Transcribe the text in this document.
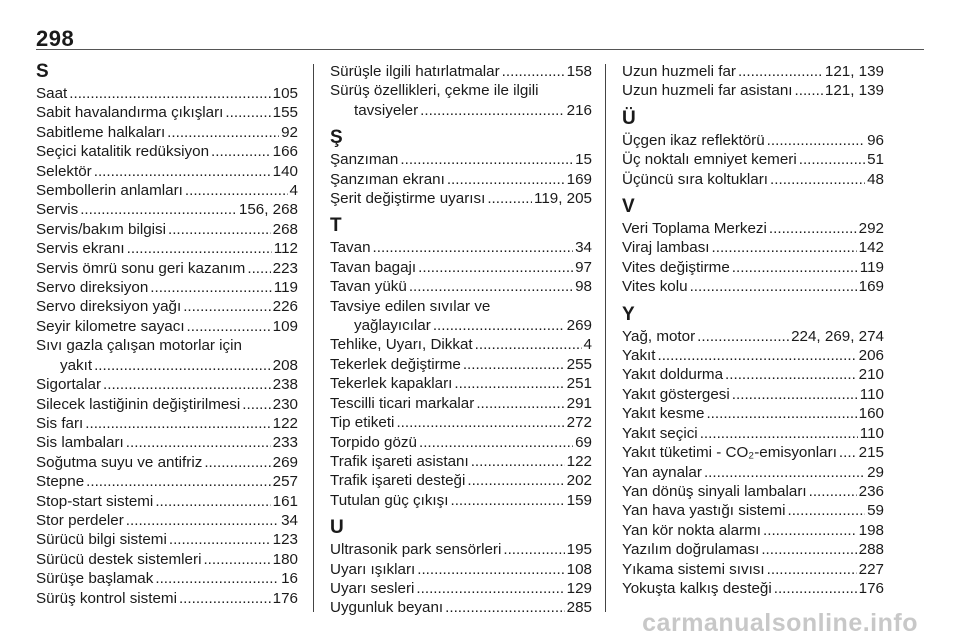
298
S
Saat .....	105
Sabit havalandırma çıkışları .....	155
Sabitleme halkaları .....	92
Seçici katalitik redüksiyon .....	166
Selektör .....	140
Sembollerin anlamları .....	4
Servis .....	156, 268
Servis/bakım bilgisi .....	268
Servis ekranı .....	112
Servis ömrü sonu geri kazanım ..... 223
Servo direksiyon .....	119
Servo direksiyon yağı .....	226
Seyir kilometre sayacı .....	109
Sıvı gazla çalışan motorlar için
yakıt .....	208
Sigortalar .....	238
Silecek lastiğinin değiştirilmesi ..... 230
Sis farı .....	122
Sis lambaları .....	233
Soğutma suyu ve antifriz .....	269
Stepne .....	257
Stop-start sistemi .....	161
Stor perdeler .....	34
Sürücü bilgi sistemi .....	123
Sürücü destek sistemleri .....	180
Sürüşe başlamak .....	16
Sürüş kontrol sistemi .....	176
Sürüşle ilgili hatırlatmalar .....	158
Sürüş özellikleri, çekme ile ilgili
tavsiyeler .....	216
Ş
Şanzıman .....	15
Şanzıman ekranı .....	169
Şerit değiştirme uyarısı .....	119, 205
T
Tavan .....	34
Tavan bagajı .....	97
Tavan yükü .....	98
Tavsiye edilen sıvılar ve
yağlayıcılar .....	269
Tehlike, Uyarı, Dikkat .....	4
Tekerlek değiştirme .....	255
Tekerlek kapakları .....	251
Tescilli ticari markalar .....	291
Tip etiketi .....	272
Torpido gözü .....	69
Trafik işareti asistanı .....	122
Trafik işareti desteği .....	202
Tutulan güç çıkışı .....	159
U
Ultrasonik park sensörleri .....	195
Uyarı ışıkları .....	108
Uyarı sesleri .....	129
Uygunluk beyanı .....	285
Uzun huzmeli far .....	121, 139
Uzun huzmeli far asistanı ..... 121, 139
Ü
Üçgen ikaz reflektörü .....	96
Üç noktalı emniyet kemeri .....	51
Üçüncü sıra koltukları .....	48
V
Veri Toplama Merkezi .....	292
Viraj lambası .....	142
Vites değiştirme .....	119
Vites kolu .....	169
Y
Yağ, motor .....	224, 269, 274
Yakıt .....	206
Yakıt doldurma .....	210
Yakıt göstergesi .....	110
Yakıt kesme .....	160
Yakıt seçici .....	110
Yakıt tüketimi - CO₂-emisyonları ..... 215
Yan aynalar .....	29
Yan dönüş sinyali lambaları .....	236
Yan hava yastığı sistemi .....	59
Yan kör nokta alarmı .....	198
Yazılım doğrulaması .....	288
Yıkama sistemi sıvısı .....	227
Yokuşta kalkış desteği .....	176
carmanualsonline.info
